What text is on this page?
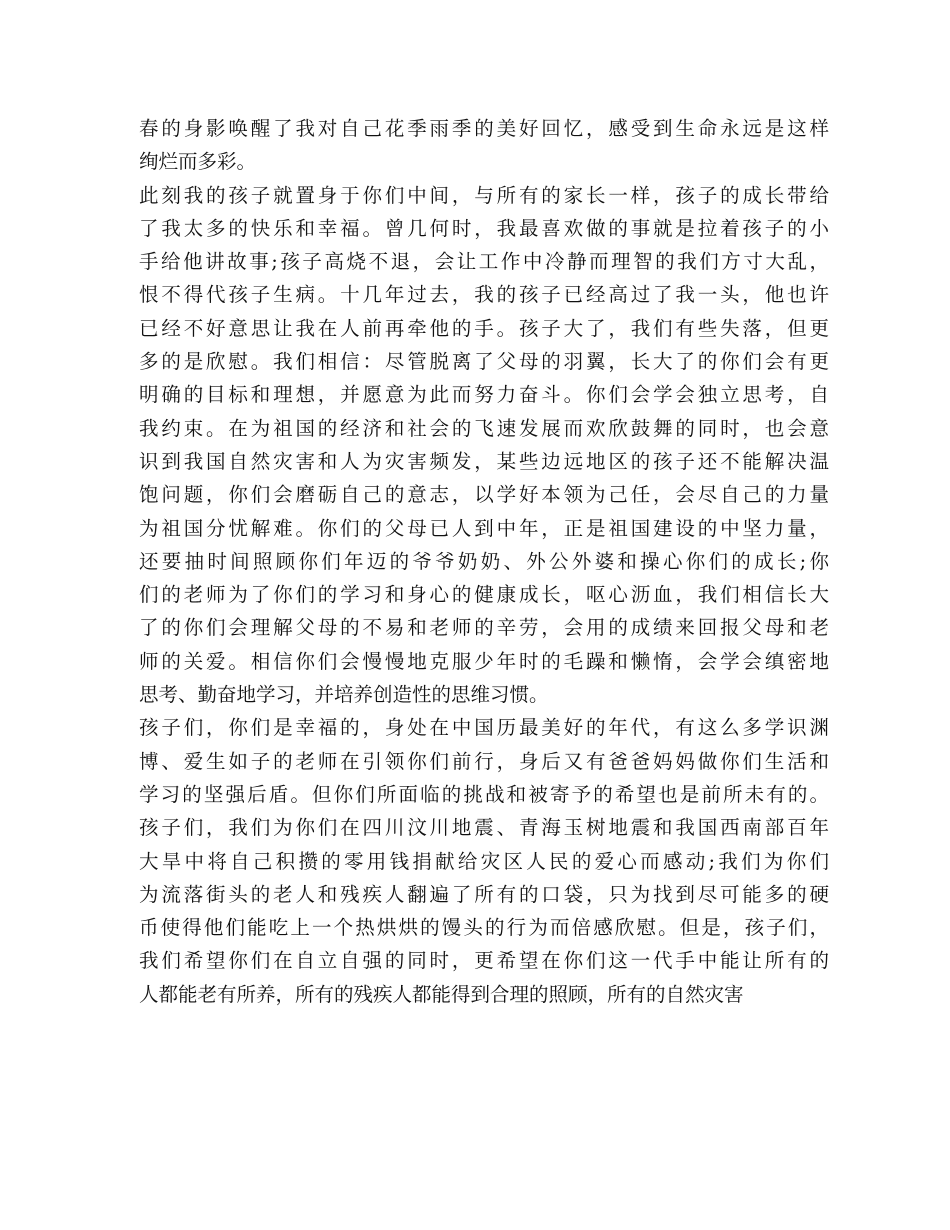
春的身影唤醒了我对自己花季雨季的美好回忆，感受到生命永远是这样
绚烂而多彩。
此刻我的孩子就置身于你们中间，与所有的家长一样，孩子的成长带给
了我太多的快乐和幸福。曾几何时，我最喜欢做的事就是拉着孩子的小
手给他讲故事;孩子高烧不退，会让工作中冷静而理智的我们方寸大乱，
恨不得代孩子生病。十几年过去，我的孩子已经高过了我一头，他也许
已经不好意思让我在人前再牵他的手。孩子大了，我们有些失落，但更
多的是欣慰。我们相信：尽管脱离了父母的羽翼，长大了的你们会有更
明确的目标和理想，并愿意为此而努力奋斗。你们会学会独立思考，自
我约束。在为祖国的经济和社会的飞速发展而欢欣鼓舞的同时，也会意
识到我国自然灾害和人为灾害频发，某些边远地区的孩子还不能解决温
饱问题，你们会磨砺自己的意志，以学好本领为己任，会尽自己的力量
为祖国分忧解难。你们的父母已人到中年，正是祖国建设的中坚力量，
还要抽时间照顾你们年迈的爷爷奶奶、外公外婆和操心你们的成长;你
们的老师为了你们的学习和身心的健康成长，呕心沥血，我们相信长大
了的你们会理解父母的不易和老师的辛劳，会用的成绩来回报父母和老
师的关爱。相信你们会慢慢地克服少年时的毛躁和懒惰，会学会缜密地
思考、勤奋地学习，并培养创造性的思维习惯。
孩子们，你们是幸福的，身处在中国历最美好的年代，有这么多学识渊
博、爱生如子的老师在引领你们前行，身后又有爸爸妈妈做你们生活和
学习的坚强后盾。但你们所面临的挑战和被寄予的希望也是前所未有的。
孩子们，我们为你们在四川汶川地震、青海玉树地震和我国西南部百年
大旱中将自己积攒的零用钱捐献给灾区人民的爱心而感动;我们为你们
为流落街头的老人和残疾人翻遍了所有的口袋，只为找到尽可能多的硬
币使得他们能吃上一个热烘烘的馒头的行为而倍感欣慰。但是，孩子们，
我们希望你们在自立自强的同时，更希望在你们这一代手中能让所有的
人都能老有所养，所有的残疾人都能得到合理的照顾，所有的自然灾害
